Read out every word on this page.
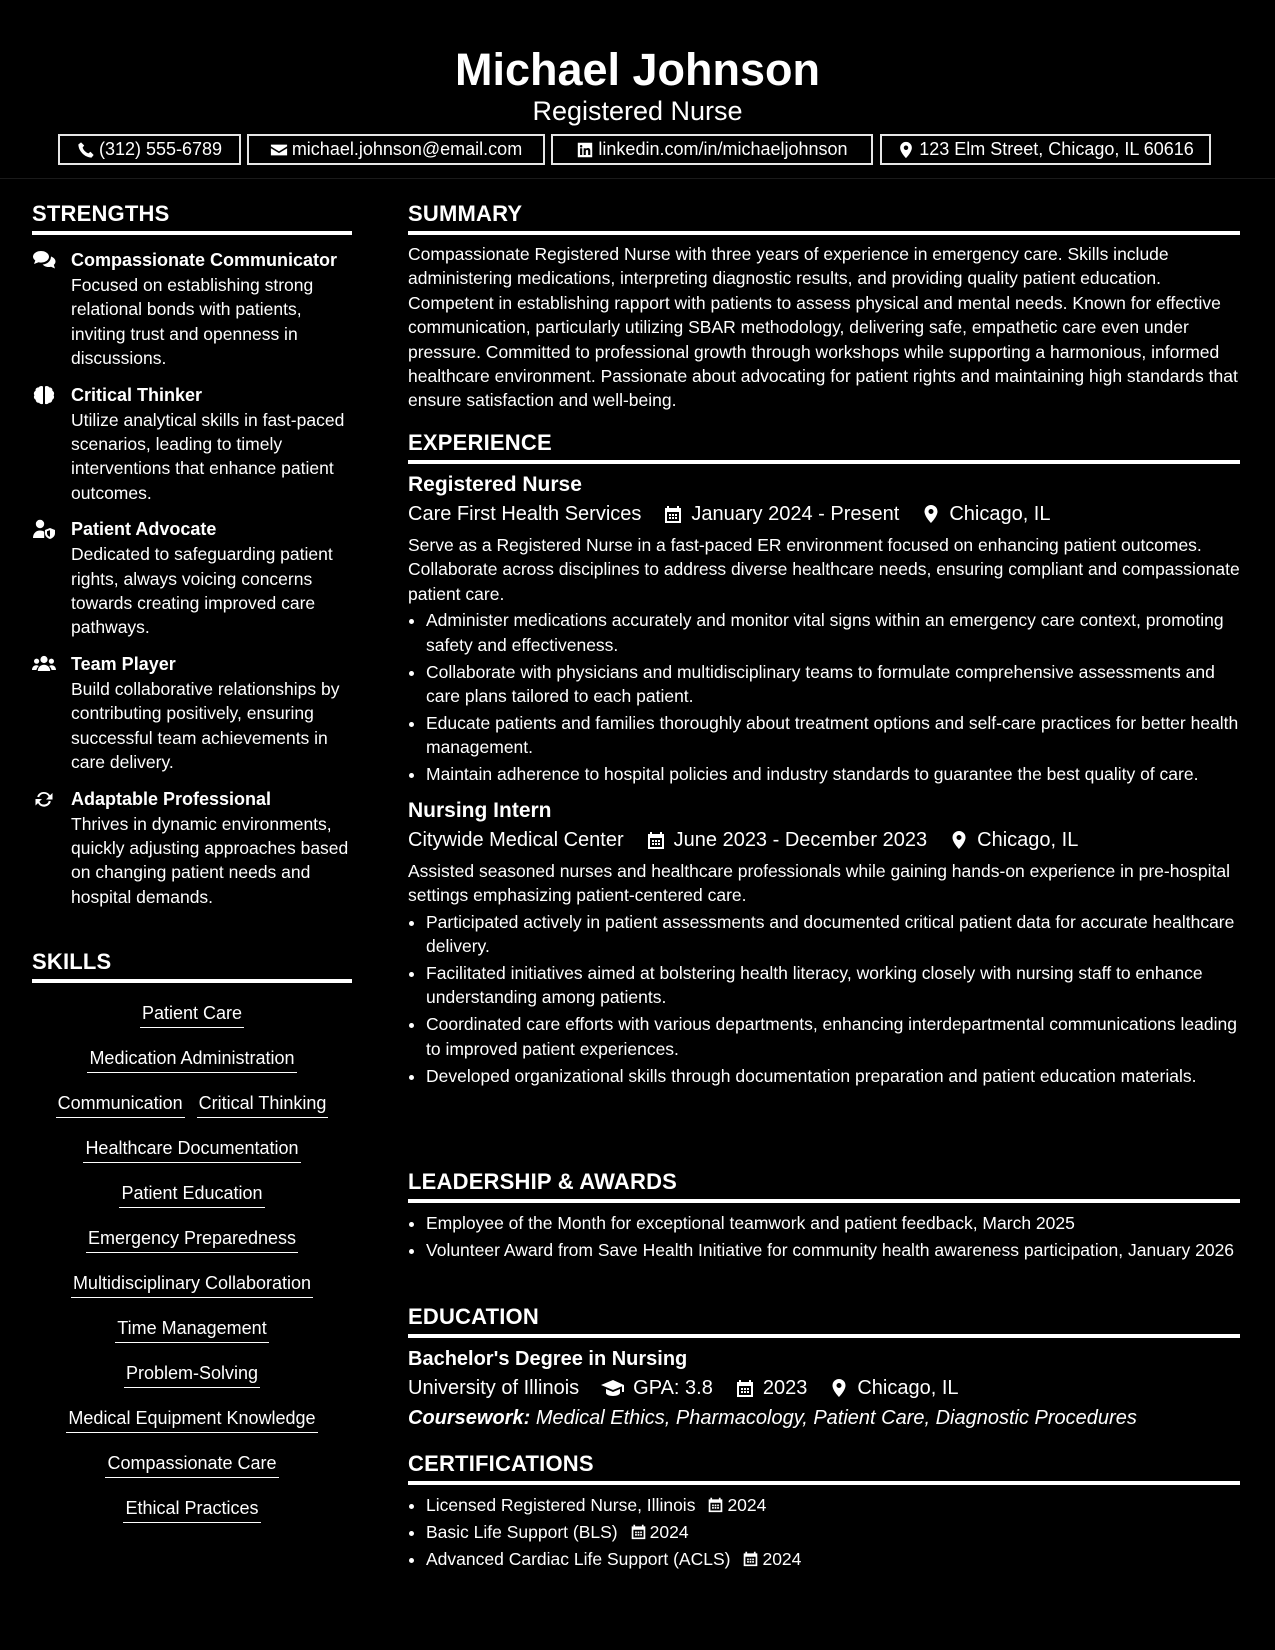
Michael Johnson
Registered Nurse
(312) 555-6789	michael.johnson@email.com	linkedin.com/in/michaeljohnson	123 Elm Street, Chicago, IL 60616
STRENGTHS
Compassionate Communicator
Focused on establishing strong relational bonds with patients, inviting trust and openness in discussions.
Critical Thinker
Utilize analytical skills in fast-paced scenarios, leading to timely interventions that enhance patient outcomes.
Patient Advocate
Dedicated to safeguarding patient rights, always voicing concerns towards creating improved care pathways.
Team Player
Build collaborative relationships by contributing positively, ensuring successful team achievements in care delivery.
Adaptable Professional
Thrives in dynamic environments, quickly adjusting approaches based on changing patient needs and hospital demands.
SKILLS
Patient Care
Medication Administration
Communication Critical Thinking
Healthcare Documentation
Patient Education
Emergency Preparedness
Multidisciplinary Collaboration
Time Management
Problem-Solving
Medical Equipment Knowledge
Compassionate Care
Ethical Practices
SUMMARY

Compassionate Registered Nurse with three years of experience in emergency care. Skills include administering medications, interpreting diagnostic results, and providing quality patient education. Competent in establishing rapport with patients to assess physical and mental needs. Known for effective communication, particularly utilizing SBAR methodology, delivering safe, empathetic care even under pressure. Committed to professional growth through workshops while supporting a harmonious, informed healthcare environment. Passionate about advocating for patient rights and maintaining high standards that ensure satisfaction and well-being.

EXPERIENCE
Registered Nurse
Care First Health Services	January 2024 - Present	Chicago, IL

Serve as a Registered Nurse in a fast-paced ER environment focused on enhancing patient outcomes. Collaborate across disciplines to address diverse healthcare needs, ensuring compliant and compassionate patient care.

• Administer medications accurately and monitor vital signs within an emergency care context, promoting safety and effectiveness.
• Collaborate with physicians and multidisciplinary teams to formulate comprehensive assessments and care plans tailored to each patient.
• Educate patients and families thoroughly about treatment options and self-care practices for better health management.
• Maintain adherence to hospital policies and industry standards to guarantee the best quality of care.
Nursing Intern
Citywide Medical Center	June 2023 - December 2023	Chicago, IL

Assisted seasoned nurses and healthcare professionals while gaining hands-on experience in pre-hospital settings emphasizing patient-centered care.

• Participated actively in patient assessments and documented critical patient data for accurate healthcare delivery.
• Facilitated initiatives aimed at bolstering health literacy, working closely with nursing staff to enhance understanding among patients.
• Coordinated care efforts with various departments, enhancing interdepartmental communications leading to improved patient experiences.
• Developed organizational skills through documentation preparation and patient education materials.
LEADERSHIP & AWARDS
• Employee of the Month for exceptional teamwork and patient feedback, March 2025
• Volunteer Award from Save Health Initiative for community health awareness participation, January 2026
EDUCATION
Bachelor's Degree in Nursing
University of Illinois	GPA: 3.8	2023	Chicago, IL
Coursework: Medical Ethics, Pharmacology, Patient Care, Diagnostic Procedures
CERTIFICATIONS
• Licensed Registered Nurse, Illinois 2024
• Basic Life Support (BLS) 2024
• Advanced Cardiac Life Support (ACLS) 2024
